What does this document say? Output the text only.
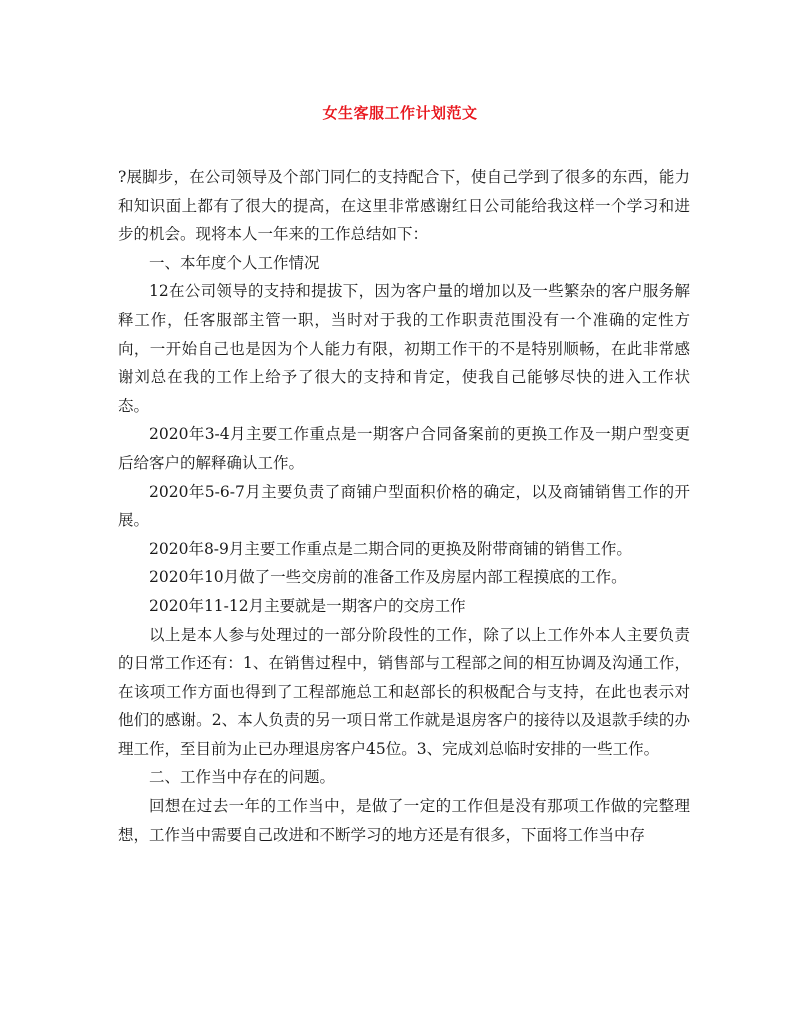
女生客服工作计划范文

?展脚步，在公司领导及个部门同仁的支持配合下，使自己学到了很多的东西，能力和知识面上都有了很大的提高，在这里非常感谢红日公司能给我这样一个学习和进步的机会。现将本人一年来的工作总结如下：

一、本年度个人工作情况

12在公司领导的支持和提拔下，因为客户量的增加以及一些繁杂的客户服务解释工作，任客服部主管一职，当时对于我的工作职责范围没有一个准确的定性方向，一开始自己也是因为个人能力有限，初期工作干的不是特别顺畅，在此非常感谢刘总在我的工作上给予了很大的支持和肯定，使我自己能够尽快的进入工作状态。

2020年3-4月主要工作重点是一期客户合同备案前的更换工作及一期户型变更后给客户的解释确认工作。

2020年5-6-7月主要负责了商铺户型面积价格的确定，以及商铺销售工作的开展。

2020年8-9月主要工作重点是二期合同的更换及附带商铺的销售工作。

2020年10月做了一些交房前的准备工作及房屋内部工程摸底的工作。

2020年11-12月主要就是一期客户的交房工作

以上是本人参与处理过的一部分阶段性的工作，除了以上工作外本人主要负责的日常工作还有：1、在销售过程中，销售部与工程部之间的相互协调及沟通工作，在该项工作方面也得到了工程部施总工和赵部长的积极配合与支持，在此也表示对他们的感谢。2、本人负责的另一项日常工作就是退房客户的接待以及退款手续的办理工作，至目前为止已办理退房客户45位。3、完成刘总临时安排的一些工作。

二、工作当中存在的问题。

回想在过去一年的工作当中，是做了一定的工作但是没有那项工作做的完整理想，工作当中需要自己改进和不断学习的地方还是有很多，下面将工作当中存
